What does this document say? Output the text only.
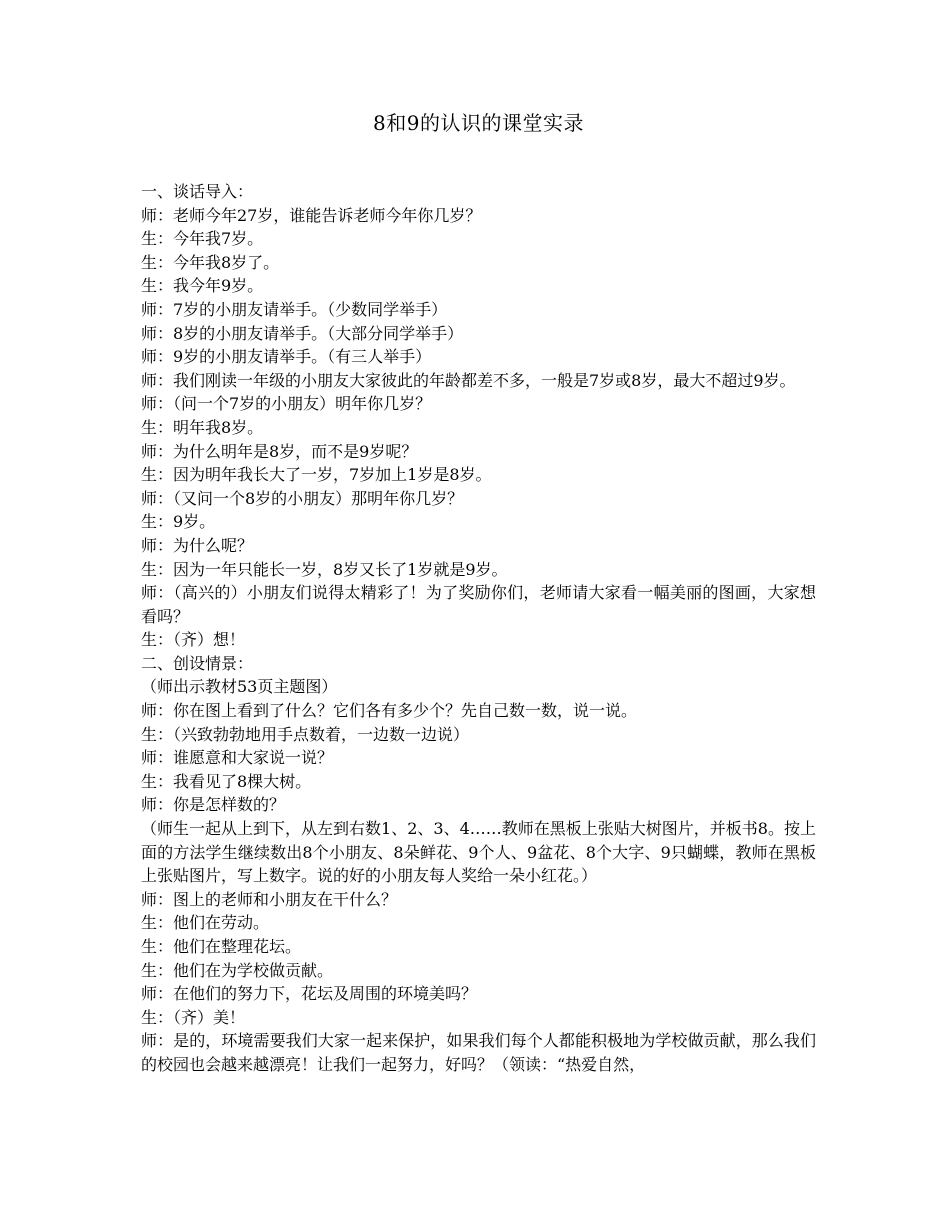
8和9的认识的课堂实录

一、谈话导入：

师：老师今年27岁，谁能告诉老师今年你几岁？

生：今年我7岁。

生：今年我8岁了。

生：我今年9岁。

师：7岁的小朋友请举手。（少数同学举手）

师：8岁的小朋友请举手。（大部分同学举手）

师：9岁的小朋友请举手。（有三人举手）

师：我们刚读一年级的小朋友大家彼此的年龄都差不多，一般是7岁或8岁，最大不超过9岁。

师：（问一个7岁的小朋友）明年你几岁？

生：明年我8岁。

师：为什么明年是8岁，而不是9岁呢？

生：因为明年我长大了一岁，7岁加上1岁是8岁。

师：（又问一个8岁的小朋友）那明年你几岁？

生：9岁。

师：为什么呢？

生：因为一年只能长一岁，8岁又长了1岁就是9岁。

师：（高兴的）小朋友们说得太精彩了！为了奖励你们，老师请大家看一幅美丽的图画，大家想看吗？

生：（齐）想！

二、创设情景：

（师出示教材53页主题图）

师：你在图上看到了什么？它们各有多少个？先自己数一数，说一说。

生：（兴致勃勃地用手点数着，一边数一边说）

师：谁愿意和大家说一说？

生：我看见了8棵大树。

师：你是怎样数的？

（师生一起从上到下，从左到右数1、2、3、4……教师在黑板上张贴大树图片，并板书8。按上面的方法学生继续数出8个小朋友、8朵鲜花、9个人、9盆花、8个大字、9只蝴蝶，教师在黑板上张贴图片，写上数字。说的好的小朋友每人奖给一朵小红花。）

师：图上的老师和小朋友在干什么？

生：他们在劳动。

生：他们在整理花坛。

生：他们在为学校做贡献。

师：在他们的努力下，花坛及周围的环境美吗？

生：（齐）美！

师：是的，环境需要我们大家一起来保护，如果我们每个人都能积极地为学校做贡献，那么我们的校园也会越来越漂亮！让我们一起努力，好吗？（领读：“热爱自然，
